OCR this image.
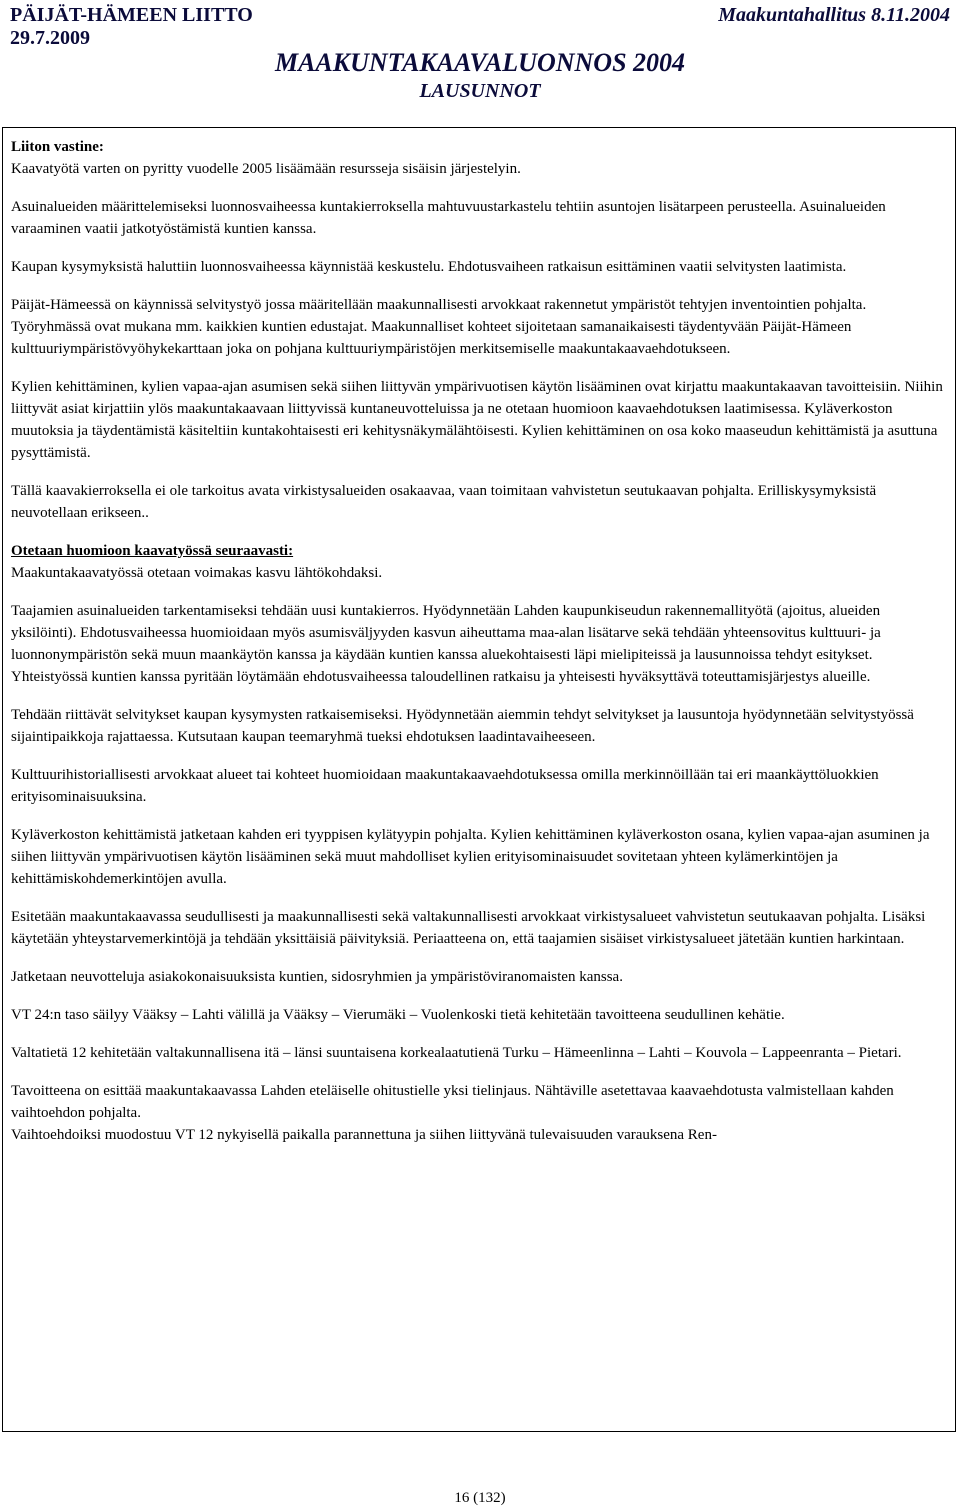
PÄIJÄT-HÄMEEN LIITTO
29.7.2009
Maakuntahallitus 8.11.2004
MAAKUNTAKAAVALUONNOS 2004
LAUSUNNOT
Liiton vastine:

Kaavatyötä varten on pyritty vuodelle 2005 lisäämään resursseja sisäisin järjestelyin.

Asuinalueiden määrittelemiseksi luonnosvaiheessa kuntakierroksella mahtuvuustarkastelu tehtiin asuntojen lisätarpeen perusteella. Asuinalueiden varaaminen vaatii jatkotyöstämistä kuntien kanssa.

Kaupan kysymyksistä haluttiin luonnosvaiheessa käynnistää keskustelu. Ehdotusvaiheen ratkaisun esittäminen vaatii selvitysten laatimista.

Päijät-Hämeessä on käynnissä selvitystyö jossa määritellään maakunnallisesti arvokkaat rakennetut ympäristöt tehtyjen inventointien pohjalta. Työryhmässä ovat mukana mm. kaikkien kuntien edustajat. Maakunnalliset kohteet sijoitetaan samanaikaisesti täydentyvään Päijät-Hämeen kulttuuriympäristövyöhykekarttaan joka on pohjana kulttuuriympäristöjen merkitsemiselle maakuntakaavaehdotukseen.

Kylien kehittäminen, kylien vapaa-ajan asumisen sekä siihen liittyvän ympärivuotisen käytön lisääminen ovat kirjattu maakuntakaavan tavoitteisiin. Niihin liittyvät asiat kirjattiin ylös maakuntakaavaan liittyvissä kuntaneuvotteluissa ja ne otetaan huomioon kaavaehdotuksen laatimisessa. Kyläverkoston muutoksia ja täydentämistä käsiteltiin kuntakohtaisesti eri kehitysnäkymälähtöisesti. Kylien kehittäminen on osa koko maaseudun kehittämistä ja asuttuna pysyttämistä.

Tällä kaavakierroksella ei ole tarkoitus avata virkistysalueiden osakaavaa, vaan toimitaan vahvistetun seutukaavan pohjalta. Erilliskysymyksistä neuvotellaan erikseen..

Otetaan huomioon kaavatyössä seuraavasti:

Maakuntakaavatyössä otetaan voimakas kasvu lähtökohdaksi.

Taajamien asuinalueiden tarkentamiseksi tehdään uusi kuntakierros. Hyödynnetään Lahden kaupunkiseudun rakennemallityötä (ajoitus, alueiden yksilöinti). Ehdotusvaiheessa huomioidaan myös asumisväljyyden kasvun aiheuttama maa-alan lisätarve sekä tehdään yhteensovitus kulttuuri- ja luonnonympäristön sekä muun maankäytön kanssa ja käydään kuntien kanssa aluekohtaisesti läpi mielipiteissä ja lausunnoissa tehdyt esitykset. Yhteistyössä kuntien kanssa pyritään löytämään ehdotusvaiheessa taloudellinen ratkaisu ja yhteisesti hyväksyttävä toteuttamisjärjestys alueille.

Tehdään riittävät selvitykset kaupan kysymysten ratkaisemiseksi. Hyödynnetään aiemmin tehdyt selvitykset ja lausuntoja hyödynnetään selvitystyössä sijaintipaikkoja rajattaessa. Kutsutaan kaupan teemaryhmä tueksi ehdotuksen laadintavaiheeseen.

Kulttuurihistoriallisesti arvokkaat alueet tai kohteet huomioidaan maakuntakaavaehdotuksessa omilla merkinnöillään tai eri maankäyttöluokkien erityisominaisuuksina.

Kyläverkoston kehittämistä jatketaan kahden eri tyyppisen kylätyypin pohjalta. Kylien kehittäminen kyläverkoston osana, kylien vapaa-ajan asuminen ja siihen liittyvän ympärivuotisen käytön lisääminen sekä muut mahdolliset kylien erityisominaisuudet sovitetaan yhteen kylämerkintöjen ja kehittämiskohdemerkintöjen avulla.

Esitetään maakuntakaavassa seudullisesti ja maakunnallisesti sekä valtakunnallisesti arvokkaat virkistysalueet vahvistetun seutukaavan pohjalta. Lisäksi käytetään yhteystarvemerkintöjä ja tehdään yksittäisiä päivityksiä. Periaatteena on, että taajamien sisäiset virkistysalueet jätetään kuntien harkintaan.

Jatketaan neuvotteluja asiakokonaisuuksista kuntien, sidosryhmien ja ympäristöviranomaisten kanssa.

VT 24:n taso säilyy Vääksy – Lahti välillä ja Vääksy – Vierumäki – Vuolenkoski tietä kehitetään tavoitteena seudullinen kehätie.

Valtatietä 12 kehitetään valtakunnallisena itä – länsi suuntaisena korkealaatutienä Turku – Hämeenlinna – Lahti – Kouvola – Lappeenranta – Pietari.

Tavoitteena on esittää maakuntakaavassa Lahden eteläiselle ohitustielle yksi tielinjaus. Nähtäville asetettavaa kaavaehdotusta valmistellaan kahden vaihtoehdon pohjalta.

Vaihtoehdoiksi muodostuu VT 12 nykyisellä paikalla parannettuna ja siihen liittyvänä tulevaisuuden varauksena Ren-

16 (132)
